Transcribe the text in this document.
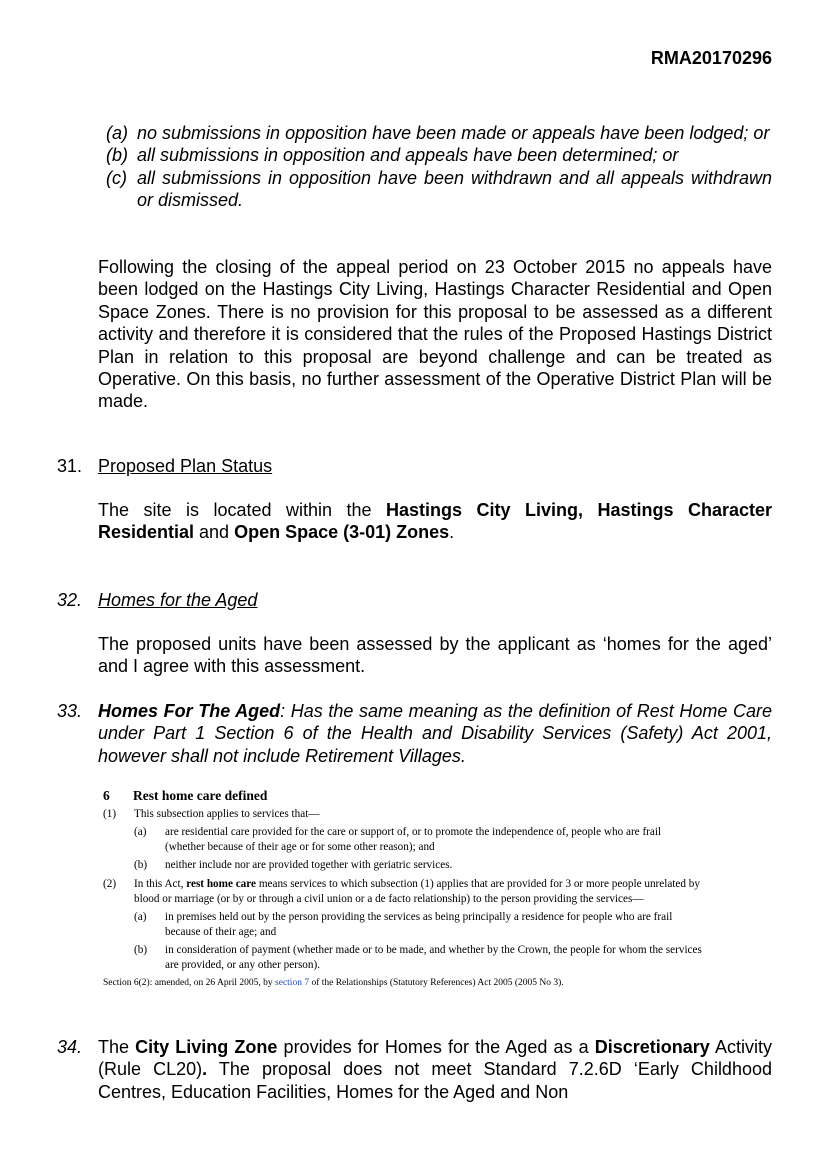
RMA20170296
(a) no submissions in opposition have been made or appeals have been lodged; or
(b) all submissions in opposition and appeals have been determined; or
(c) all submissions in opposition have been withdrawn and all appeals withdrawn or dismissed.
Following the closing of the appeal period on 23 October 2015 no appeals have been lodged on the Hastings City Living, Hastings Character Residential and Open Space Zones. There is no provision for this proposal to be assessed as a different activity and therefore it is considered that the rules of the Proposed Hastings District Plan in relation to this proposal are beyond challenge and can be treated as Operative. On this basis, no further assessment of the Operative District Plan will be made.
31. Proposed Plan Status
The site is located within the Hastings City Living, Hastings Character Residential and Open Space (3-01) Zones.
32. Homes for the Aged
The proposed units have been assessed by the applicant as ‘homes for the aged’ and I agree with this assessment.
33. Homes For The Aged: Has the same meaning as the definition of Rest Home Care under Part 1 Section 6 of the Health and Disability Services (Safety) Act 2001, however shall not include Retirement Villages.
6	Rest home care defined
(1)	This subsection applies to services that—
(a)	are residential care provided for the care or support of, or to promote the independence of, people who are frail (whether because of their age or for some other reason); and
(b)	neither include nor are provided together with geriatric services.
(2)	In this Act, rest home care means services to which subsection (1) applies that are provided for 3 or more people unrelated by blood or marriage (or by or through a civil union or a de facto relationship) to the person providing the services—
(a)	in premises held out by the person providing the services as being principally a residence for people who are frail because of their age; and
(b)	in consideration of payment (whether made or to be made, and whether by the Crown, the people for whom the services are provided, or any other person).
Section 6(2): amended, on 26 April 2005, by section 7 of the Relationships (Statutory References) Act 2005 (2005 No 3).
34. The City Living Zone provides for Homes for the Aged as a Discretionary Activity (Rule CL20). The proposal does not meet Standard 7.2.6D ‘Early Childhood Centres, Education Facilities, Homes for the Aged and Non
